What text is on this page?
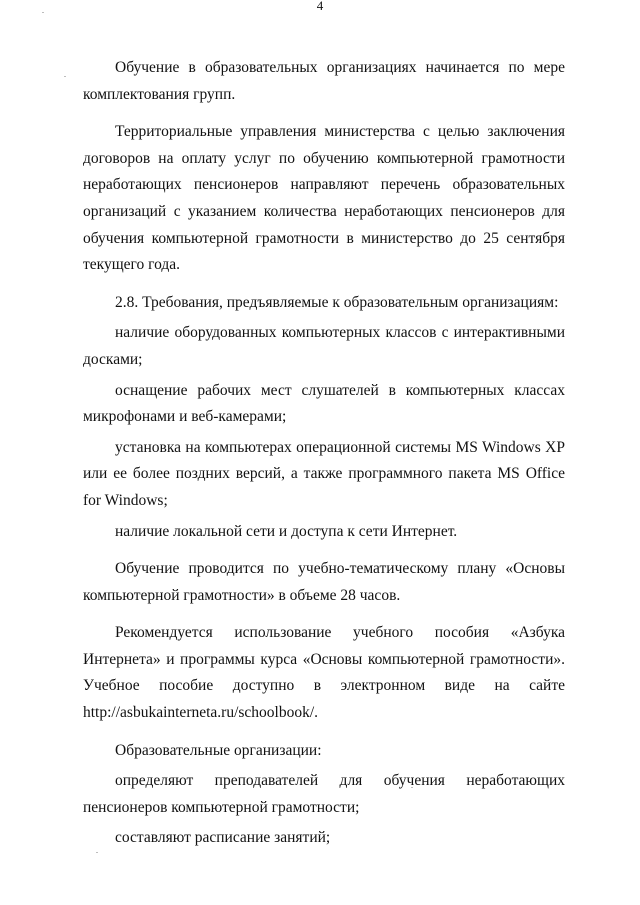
4

Обучение в образовательных организациях начинается по мере комплектования групп.

Территориальные управления министерства с целью заключения договоров на оплату услуг по обучению компьютерной грамотности неработающих пенсионеров направляют перечень образовательных организаций с указанием количества неработающих пенсионеров для обучения компьютерной грамотности в министерство до 25 сентября текущего года.

2.8. Требования, предъявляемые к образовательным организациям:

наличие оборудованных компьютерных классов с интерактивными досками;

оснащение рабочих мест слушателей в компьютерных классах микрофонами и веб-камерами;

установка на компьютерах операционной системы MS Windows XP или ее более поздних версий, а также программного пакета MS Office for Windows;

наличие локальной сети и доступа к сети Интернет.

Обучение проводится по учебно-тематическому плану «Основы компьютерной грамотности» в объеме 28 часов.

Рекомендуется использование учебного пособия «Азбука Интернета» и программы курса «Основы компьютерной грамотности». Учебное пособие доступно в электронном виде на сайте http://asbukainterneta.ru/schoolbook/.

Образовательные организации:

определяют преподавателей для обучения неработающих пенсионеров компьютерной грамотности;

составляют расписание занятий;
